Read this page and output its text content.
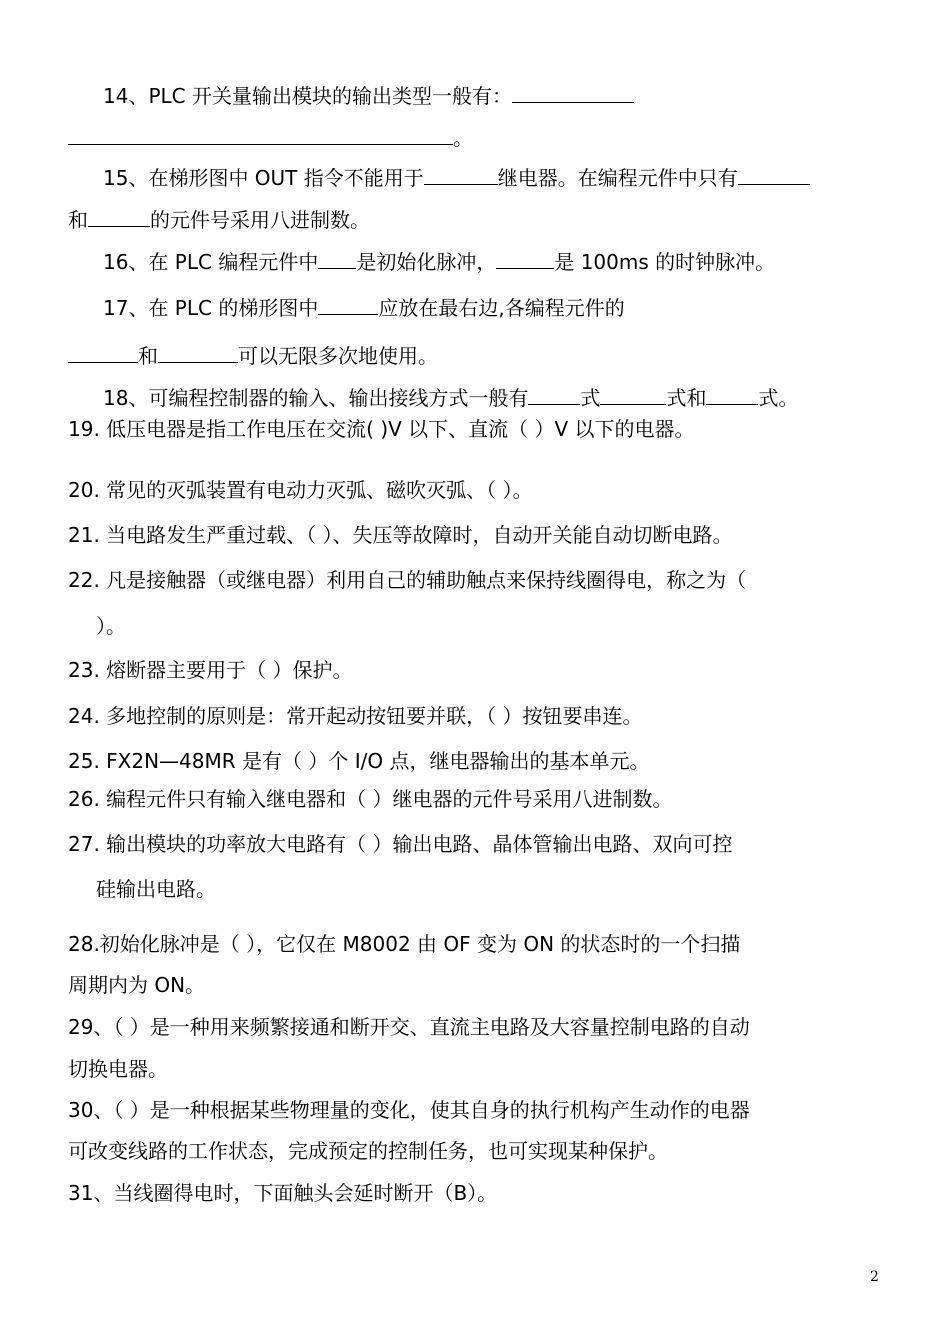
14、PLC 开关量输出模块的输出类型一般有：
。
15、在梯形图中 OUT 指令不能用于	继电器。在编程元件中只有
和	的元件号采用八进制数。
16、在 PLC 编程元件中 是初始化脉冲，	是 100ms 的时钟脉冲。
17、在 PLC 的梯形图中	应放在最右边,各编程元件的
和	可以无限多次地使用。
18、可编程控制器的输入、输出接线方式一般有	式	式和	式。
19. 低压电器是指工作电压在交流( )V 以下、直流（ ）V 以下的电器。
20. 常见的灭弧装置有电动力灭弧、磁吹灭弧、（ ）。
21. 当电路发生严重过载、（ ）、失压等故障时，自动开关能自动切断电路。
22. 凡是接触器（或继电器）利用自己的辅助触点来保持线圈得电，称之为（
）。
23. 熔断器主要用于（ ）保护。
24. 多地控制的原则是：常开起动按钮要并联，（ ）按钮要串连。
25. FX2N—48MR 是有（ ）个 I/O 点，继电器输出的基本单元。
26. 编程元件只有输入继电器和（ ）继电器的元件号采用八进制数。
27. 输出模块的功率放大电路有（ ）输出电路、晶体管输出电路、双向可控
硅输出电路。
28.初始化脉冲是（ ），它仅在 M8002 由 OF 变为 ON 的状态时的一个扫描
周期内为 ON。
29、（ ）是一种用来频繁接通和断开交、直流主电路及大容量控制电路的自动
切换电器。
30、（ ）是一种根据某些物理量的变化，使其自身的执行机构产生动作的电器
可改变线路的工作状态，完成预定的控制任务，也可实现某种保护。
31、当线圈得电时，下面触头会延时断开（B）。
2
